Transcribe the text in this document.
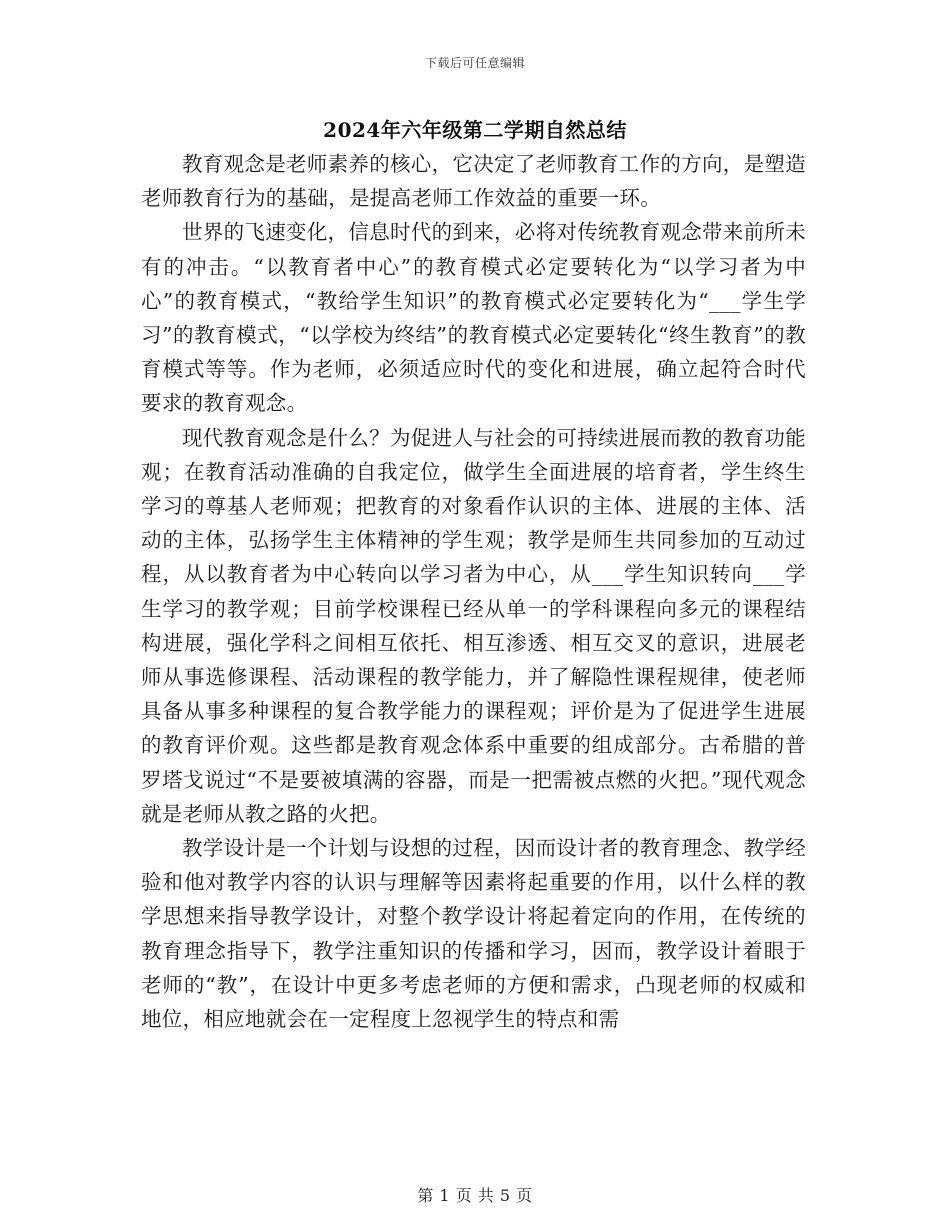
下载后可任意编辑
2024年六年级第二学期自然总结

教育观念是老师素养的核心，它决定了老师教育工作的方向，是塑造老师教育行为的基础，是提高老师工作效益的重要一环。

世界的飞速变化，信息时代的到来，必将对传统教育观念带来前所未有的冲击。“以教育者中心”的教育模式必定要转化为“以学习者为中心”的教育模式，“教给学生知识”的教育模式必定要转化为“___学生学习”的教育模式，“以学校为终结”的教育模式必定要转化“终生教育”的教育模式等等。作为老师，必须适应时代的变化和进展，确立起符合时代要求的教育观念。

现代教育观念是什么？为促进人与社会的可持续进展而教的教育功能观；在教育活动准确的自我定位，做学生全面进展的培育者，学生终生学习的尊基人老师观；把教育的对象看作认识的主体、进展的主体、活动的主体，弘扬学生主体精神的学生观；教学是师生共同参加的互动过程，从以教育者为中心转向以学习者为中心，从___学生知识转向___学生学习的教学观；目前学校课程已经从单一的学科课程向多元的课程结构进展，强化学科之间相互依托、相互渗透、相互交叉的意识，进展老师从事选修课程、活动课程的教学能力，并了解隐性课程规律，使老师具备从事多种课程的复合教学能力的课程观；评价是为了促进学生进展的教育评价观。这些都是教育观念体系中重要的组成部分。古希腊的普罗塔戈说过“不是要被填满的容器，而是一把需被点燃的火把。”现代观念就是老师从教之路的火把。

教学设计是一个计划与设想的过程，因而设计者的教育理念、教学经验和他对教学内容的认识与理解等因素将起重要的作用，以什么样的教学思想来指导教学设计，对整个教学设计将起着定向的作用，在传统的教育理念指导下，教学注重知识的传播和学习，因而，教学设计着眼于老师的“教”，在设计中更多考虑老师的方便和需求，凸现老师的权威和地位，相应地就会在一定程度上忽视学生的特点和需

第 1 页 共 5 页
